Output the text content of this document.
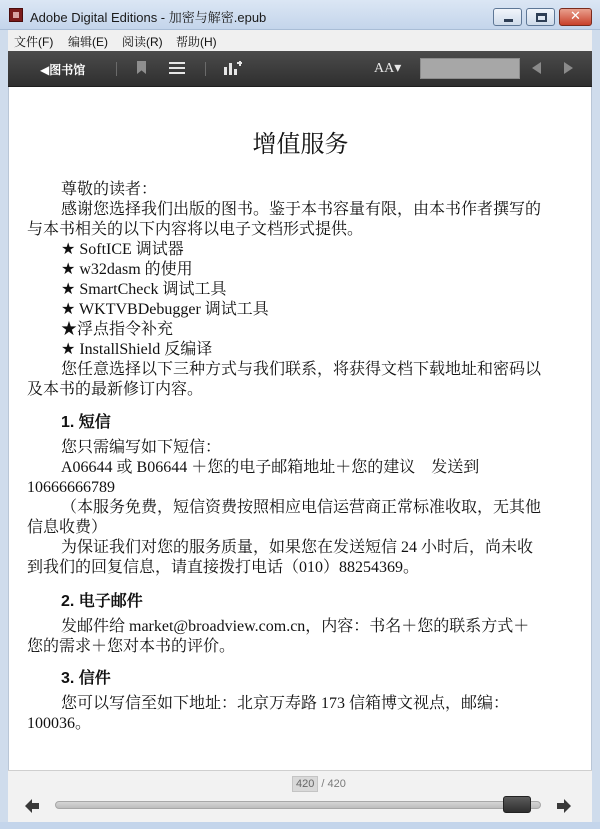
Adobe Digital Editions - 加密与解密.epub	✕
文件(F) 编辑(E) 阅读(R) 帮助(H)
◀图书馆	AA▾
增值服务
尊敬的读者：
感谢您选择我们出版的图书。鉴于本书容量有限，由本书作者撰写的
与本书相关的以下内容将以电子文档形式提供。
★ SoftICE 调试器
★ w32dasm 的使用
★ SmartCheck 调试工具
★ WKTVBDebugger 调试工具
★浮点指令补充
★ InstallShield 反编译
您任意选择以下三种方式与我们联系，将获得文档下载地址和密码以
及本书的最新修订内容。
1. 短信
您只需编写如下短信：
A06644 或 B06644 ＋您的电子邮箱地址＋您的建议　发送到
10666666789
（本服务免费，短信资费按照相应电信运营商正常标准收取，无其他
信息收费）
为保证我们对您的服务质量，如果您在发送短信 24 小时后，尚未收
到我们的回复信息，请直接拨打电话（010）88254369。
2. 电子邮件
发邮件给 market@broadview.com.cn，内容：书名＋您的联系方式＋
您的需求＋您对本书的评价。
3. 信件
您可以写信至如下地址：北京万寿路 173 信箱博文视点，邮编：
100036。
420 / 420
